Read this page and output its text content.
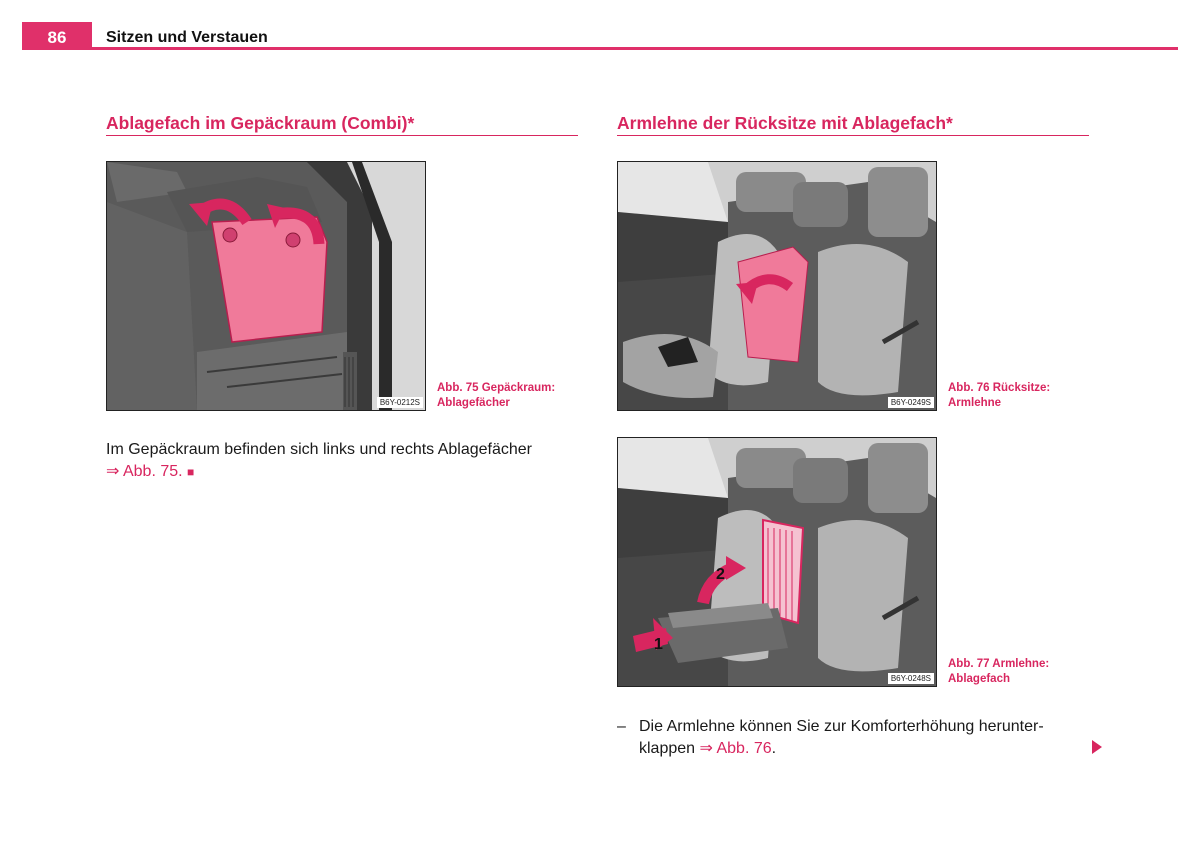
86	Sitzen und Verstauen
Ablagefach im Gepäckraum (Combi)*
B6Y-0212S
Abb. 75 Gepäckraum:
Ablagefächer
Im Gepäckraum befinden sich links und rechts Ablagefächer
⇒ Abb. 75. ■
Armlehne der Rücksitze mit Ablagefach*
B6Y-0249S
Abb. 76 Rücksitze:
Armlehne
1
2
B6Y-0248S
Abb. 77 Armlehne:
Ablagefach
– Die Armlehne können Sie zur Komforterhöhung herunter-
klappen ⇒ Abb. 76.
